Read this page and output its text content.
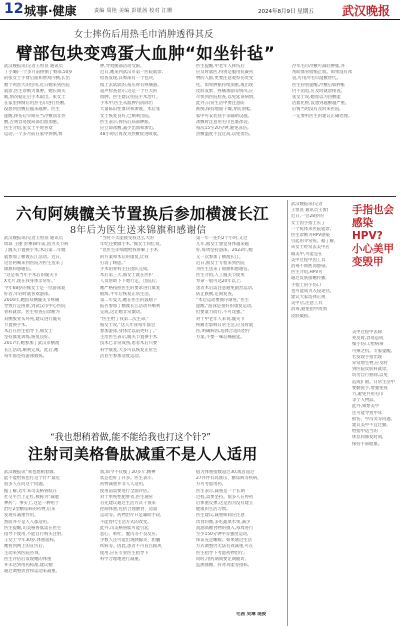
12 城事·健康	责编 周艳 美编 彭银茜 校对 江珊	2024年8月9日 星期五 武汉晚报
女士摔伤后用热毛巾消肿透得其反
臂部包块变鸡蛋大血肿“如坐针毡”
武汉晚报讯(记者王恒熹 通讯员
丁小璐)一个多月前摔倒了臀部,50岁
的张女士手臂后面和肘窝内侧,长出
数个鸡蛋大的包块,近日她来到医院
就诊,医生诊断为血肿。她长期失
眠,情况稳定后手术取出。张女士
在家里摔倒后用热毛巾进行热敷,
没想到热敷后越来越肿。医生
提醒,摔伤后早期应当冷敷而非热
敷,否则容易使局部出血加重。
医生介绍,张女士平时喜欢
运动,一个多月前在家中摔倒,臀
肿,导致腿部活动受限。
近日,她来到武汉市第一医院就诊,
检查发现,其臀部有一个包块,
摸上去软软的,按压时有疼痛感。
超声检查显示,这是一个巨大的
血肿。医生建议住院手术治疗。
手术中,医生从血肿内清除出
大量陈旧性血块和渗液。术后张
女士恢复良好,已顺利出院。
医生表示,摔伤后局部肿胀,
应立即冰敷,减少出血和渗出,
48小时后再改为热敷促进吸收。
医生提醒,中老年人摔伤后
应及时就医,特别是服用抗凝药
物的人群,更要注意观察伤处变
化。如果肿胀持续加重,或出现
皮肤发紫、疼痛加剧等情况,应
尽快到医院检查,以免延误病情。
此外,日常生活中要注意防
跌倒,保持地面干燥,穿防滑鞋,
家中可安装扶手等辅助设施。
冰敷时注意用毛巾包裹冰袋,
每次15至20分钟,避免冻伤。
热敷温度不宜过高,以免烫伤。
冷水毛巾冷敷可减轻肿胀,并
帮助血管收缩止血。如果没有冰
袋,可用冷毛巾湿敷替代。
医生特别提醒,冷敷后如肿胀
仍不消退,应及时就诊排查。
张女士说,她原以为热敷能
活血化瘀,没想到越敷越严重。
后悔当时没有及时来医院,
一定要听医生的建议正确处理。
六旬阿姨髋关节置换后参加横渡长江
8年后为医生送来锦旗和感谢信
武汉晚报讯(记者王恒熹 通讯员
周琼 王丽 彭攀)8年前,因为关节病
了髋关节置换手术;术后第二年她
就参加了横渡长江活动。近日,
这位阿姨来到医院为医生送来了
锦旗和感谢信。
“这是我当年手术后的髋关节
X光片,现在我身体非常好。”
今年68岁的熊女士是一位游泳爱
好者,年轻时就喜欢游泳。
2016年,她因双侧髋关节疼痛
导致行走困难,到武汉市中心医院
骨科就诊。医生检查后诊断为
双侧股骨头坏死,建议进行髋关
节置换手术。
术后在医生指导下,熊女士
坚持康复训练,恢复良好。
2017年,她参加了武汉市横渡
长江活动,顺利完成。此后,她
每年都坚持游泳锻炼。
“当时不太能接受我这么大的
年纪还要做手术,”熊女士回忆说,
“但医生详细地给我讲解了手术
的方案和术后的康复,让我
打消了顾虑。”
手术由骨科主任团队完成,
术后第三天,熊女士就在医护
人员帮助下下地行走。出院后,
她严格按照医生的要求进行康复
锻炼,半年后恢复正常生活。
第二年夏天,她在医生的鼓励下
报名参加了横渡长江活动并顺利
完成,这让她非常激动。
“医生给了我第二次生命,”
熊女士说,“这几年我每年都会
参加游泳,身体比以前更好了。”
主治医生表示,髋关节置换手术
技术已非常成熟,患者术后只要
科学康复,大多可以恢复正常生
活甚至参加适度运动。
第一年一连约2个小时,又过
几年,熊女士感觉身体越来越
好,每周坚持游泳。2023年,她
又一次参加了横渡长江。
近日,熊女士专程来到医院
为医生送来了锦旗和感谢信。
医生介绍,人工髋关节使用
寿命一般可达20年以上,
患者术后需注意避免剧烈运动,
防止跌倒,定期复查。
“术后运动要循序渐进,”医生
提醒,“游泳是很好的康复运动,
但要量力而行,不可逞强。”
对于中老年人来说,髋关节
疼痛若影响日常生活,应及时就
医,明确病因,选择合适的治疗
方案,不要一味忍痛拖延。
武汉晚报讯(记者
王恒熹 通讯员王蕾)
近日,一位28岁的
女士因手指上长了
一个疣体来医院就诊,
医生诊断为HPV感染
引起的寻常疣。据了解,
该女士经常去美甲店
做美甲,可能是在
美甲过程中因工具
消毒不彻底而感染。
医生介绍,HPV可
通过皮肤接触传播,
手指上的小伤口
也可能成为入侵途径。
建议大家选择正规
美甲店,注意工具
消毒,避免指甲周围
皮肤破损。
手指也会感染HPV?
小心美甲变毁甲
美甲过程中去除
死皮时,容易造成
细小伤口,给病毒
可乘之机。专家提醒,
若发现手指出现
异常增生物,应及时
到医院皮肤科就诊,
切勿自行抠除,以免
造成扩散。日常生活中
要勤洗手,增强免疫
力,避免共用毛巾
等个人物品。
此外,频繁美甲
还可能导致甲床
损伤、甲沟炎等问题,
建议美甲不宜过勤,
给指甲适当的
休息和修复时间,
保持手部健康。
“我也想稍着做,能不能给我也打这个针?”
注射司美格鲁肽减重不是人人适用
武汉晚报讯“我也想稍着做,
能不能给我也打这个针?”最近
很多人在问这个问题。
据了解,近年来司美格鲁肽在
社交平台上走红,被称为“减肥
神药”。事实上,这是一种用于
治疗2型糖尿病的药物,后来
发现有减重作用。
然而并不是人人都适用。
医生提醒,司美格鲁肽需在医生
指导下使用,不能自行购买注射。
王女士今年30岁,体重超标,
她看到网上的宣传后,
主动来到医院咨询。
医生评估后发现她的体重
并未达到用药标准,建议她
通过调整饮食和运动来减重。
加,如今不仅瘦了20多斤,精神
状态也好了许多。医生表示,
药物减重并非人人适用,
使用前需要进行全面评估。
对于单纯性肥胖者,医生通常
首先建议通过生活方式干预来
控制体重,包括合理膳食、适量
运动等。药物治疗只是辅助手段,
不能替代生活方式的改变。
此外,司美格鲁肽可能引起
恶心、呕吐、腹泻等不良反应,
少数人还可能出现胰腺炎、胆囊
疾病等。因此,患者不可盲目跟风
使用,应在专业医生指导下
科学合理地进行减重。
值为体重指数超过30,或者超过
27并伴有高血压、糖尿病等疾病,
方可考虑用药。
医生表示,减重是一个长期
过程,需要坚持。很多人在停药
后体重反弹,这是因为没有建立
健康的生活习惯。
医生建议,减重期间应注意
饮食均衡,多吃蔬菜水果,减少
高油高糖食物的摄入,每周进行
至少150分钟中等强度运动,
保证充足睡眠。如果通过生活
方式调整仍无法有效减重,可在
医生指导下考虑药物治疗。
同时,用药期间要定期随访,
监测血糖、肝肾功能等指标。
毛茜 吴琳 现俊
